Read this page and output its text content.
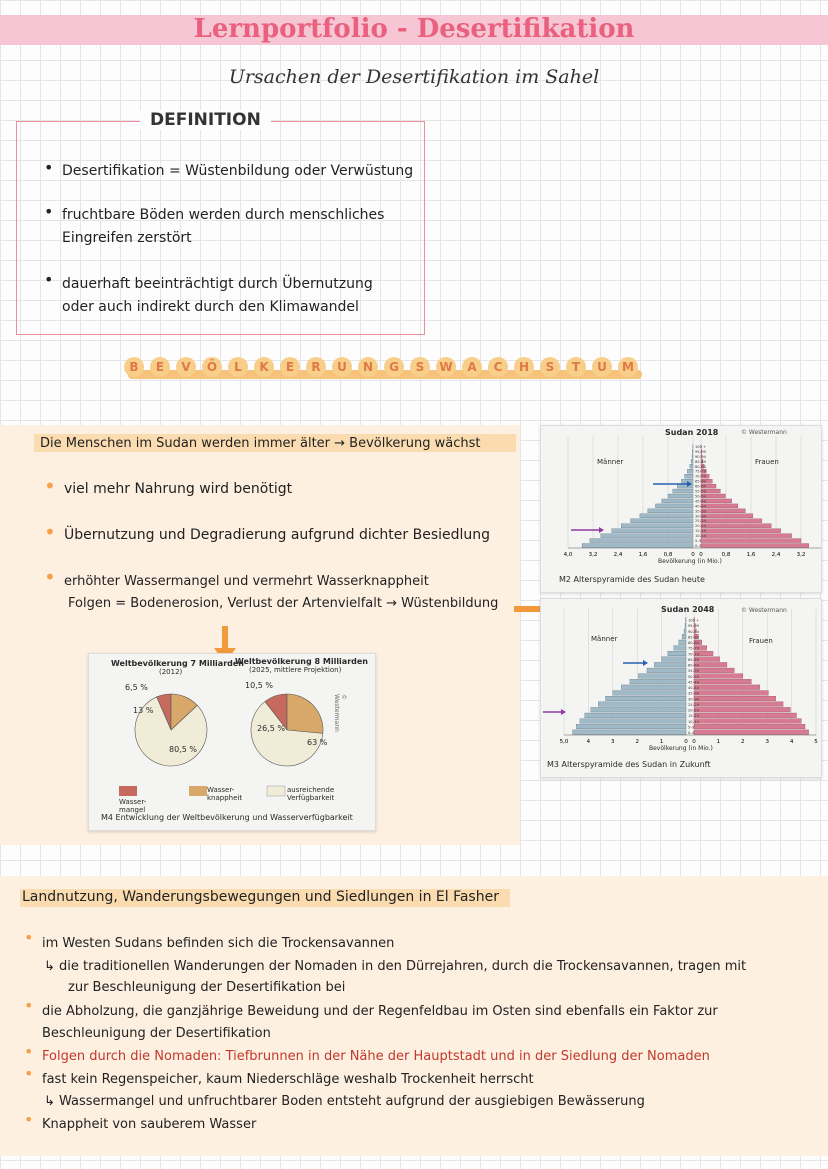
Lernportfolio - Desertifikation
Ursachen der Desertifikation im Sahel
DEFINITION
• Desertifikation = Wüstenbildung oder Verwüstung
• fruchtbare Böden werden durch menschliches
Eingreifen zerstört
• dauerhaft beeinträchtigt durch Übernutzung
oder auch indirekt durch den Klimawandel
B	E	V	Ö	L	K	E	R	U	N	G	S	W	A	C	H	S	T	U	M
Die Menschen im Sudan werden immer älter → Bevölkerung wächst
• viel mehr Nahrung wird benötigt
• Übernutzung und Degradierung aufgrund dichter Besiedlung
• erhöhter Wassermangel und vermehrt Wasserknappheit
Folgen = Bodenerosion, Verlust der Artenvielfalt → Wüstenbildung
Weltbevölkerung 7 Milliarden
(2012)
Weltbevölkerung 8 Milliarden
(2025, mittlere Projektion)
6,5 %
13 %
80,5 %
10,5 %
26,5 %
63 %
© Westermann
Wasser-
mangel
Wasser-
knappheit
ausreichende
Verfügbarkeit
M4 Entwicklung der Weltbevölkerung und Wasserverfügbarkeit
Sudan 2018	© Westermann
100 +
95–99
90–94
85–89
80–84
75–79
70–74
65–69
60–64
55–59
50–54
45–49
40–44
35–39
30–34
25–29
20–24
15–19
10–14
5–9
0–4
4,0	0
3,2	0,8
2,4	1,6
1,6	2,4
0,8	3,2
0
Männer	Frauen
Bevölkerung (in Mio.)
M2 Alterspyramide des Sudan heute
Sudan 2048	© Westermann
100 +
95–99
90–94
85–89
80–84
75–79
70–74
65–69
60–64
55–59
50–54
45–49
40–44
35–39
30–34
25–29
20–24
15–19
10–14
5–9
0–4
5,0	0
4	1
3	2
2	3
1	4
0	5
Männer	Frauen
Bevölkerung (in Mio.)
M3 Alterspyramide des Sudan in Zukunft
Landnutzung, Wanderungsbewegungen und Siedlungen in El Fasher
• im Westen Sudans befinden sich die Trockensavannen
↳ die traditionellen Wanderungen der Nomaden in den Dürrejahren, durch die Trockensavannen, tragen mit
zur Beschleunigung der Desertifikation bei
• die Abholzung, die ganzjährige Beweidung und der Regenfeldbau im Osten sind ebenfalls ein Faktor zur
Beschleunigung der Desertifikation
• Folgen durch die Nomaden: Tiefbrunnen in der Nähe der Hauptstadt und in der Siedlung der Nomaden
• fast kein Regenspeicher, kaum Niederschläge weshalb Trockenheit herrscht
↳ Wassermangel und unfruchtbarer Boden entsteht aufgrund der ausgiebigen Bewässerung
• Knappheit von sauberem Wasser
